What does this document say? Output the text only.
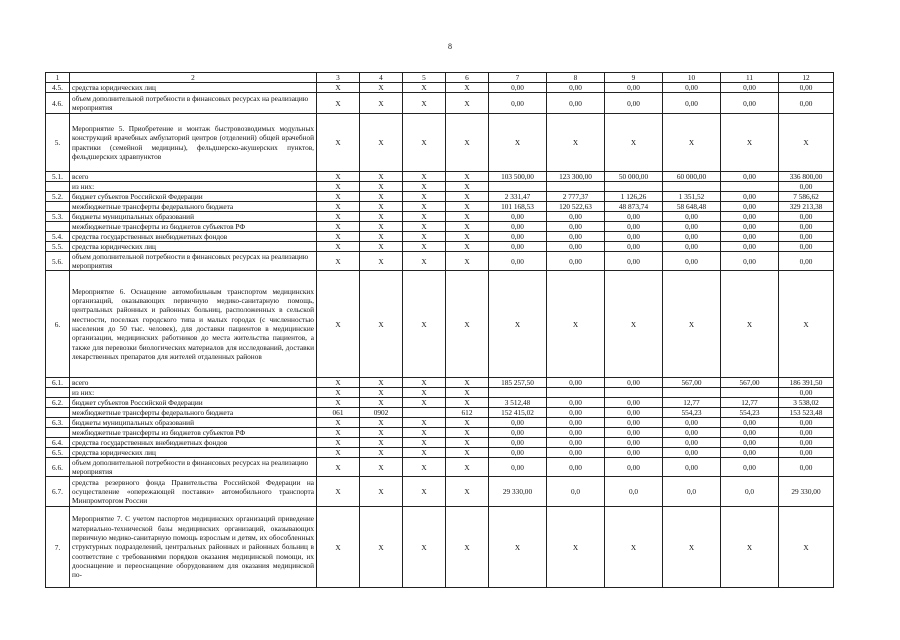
8
1	2	3	4	5	6	7	8	9	10	11	12
4.5.	средства юридических лиц	X	X	X	X	0,00	0,00	0,00	0,00	0,00	0,00
4.6.	объем дополнительной потребности в финансовых ресурсах на реализацию мероприятия	X	X	X	X	0,00	0,00	0,00	0,00	0,00	0,00
5.	Мероприятие 5. Приобретение и монтаж быстровозводимых модульных конструкций врачебных амбулаторий центров (отделений) общей врачебной практики (семейной медицины), фельдшерско-акушерских пунктов, фельдшерских здравпунктов	X	X	X	X	X	X	X	X	X	X
5.1.	всего	X	X	X	X	103 500,00	123 300,00	50 000,00	60 000,00	0,00	336 800,00
	из них:	X	X	X	X						0,00
5.2.	бюджет субъектов Российской Федерации	X	X	X	X	2 331,47	2 777,37	1 126,26	1 351,52	0,00	7 586,62
	межбюджетные трансферты федерального бюджета	X	X	X	X	101 168,53	120 522,63	48 873,74	58 648,48	0,00	329 213,38
5.3.	бюджеты муниципальных образований	X	X	X	X	0,00	0,00	0,00	0,00	0,00	0,00
	межбюджетные трансферты из бюджетов субъектов РФ	X	X	X	X	0,00	0,00	0,00	0,00	0,00	0,00
5.4.	средства государственных внебюджетных фондов	X	X	X	X	0,00	0,00	0,00	0,00	0,00	0,00
5.5.	средства юридических лиц	X	X	X	X	0,00	0,00	0,00	0,00	0,00	0,00
5.6.	объем дополнительной потребности в финансовых ресурсах на реализацию мероприятия	X	X	X	X	0,00	0,00	0,00	0,00	0,00	0,00
6.	Мероприятие 6. Оснащение автомобильным транспортом медицинских организаций, оказывающих первичную медико-санитарную помощь, центральных районных и районных больниц, расположенных в сельской местности, поселках городского типа и малых городах (с численностью населения до 50 тыс. человек), для доставки пациентов в медицинские организации, медицинских работников до места жительства пациентов, а также для перевозки биологических материалов для исследований, доставки лекарственных препаратов для жителей отдаленных районов	X	X	X	X	X	X	X	X	X	X
6.1.	всего	X	X	X	X	185 257,50	0,00	0,00	567,00	567,00	186 391,50
	из них:	X	X	X	X						0,00
6.2.	бюджет субъектов Российской Федерации	X	X	X	X	3 512,48	0,00	0,00	12,77	12,77	3 538,02
	межбюджетные трансферты федерального бюджета	061	0902		612	152 415,02	0,00	0,00	554,23	554,23	153 523,48
6.3.	бюджеты муниципальных образований	X	X	X	X	0,00	0,00	0,00	0,00	0,00	0,00
	межбюджетные трансферты из бюджетов субъектов РФ	X	X	X	X	0,00	0,00	0,00	0,00	0,00	0,00
6.4.	средства государственных внебюджетных фондов	X	X	X	X	0,00	0,00	0,00	0,00	0,00	0,00
6.5.	средства юридических лиц	X	X	X	X	0,00	0,00	0,00	0,00	0,00	0,00
6.6.	объем дополнительной потребности в финансовых ресурсах на реализацию мероприятия	X	X	X	X	0,00	0,00	0,00	0,00	0,00	0,00
6.7.	средства резервного фонда Правительства Российской Федерации на осуществление «опережающей поставки» автомобильного транспорта Минпромторгом России	X	X	X	X	29 330,00	0,0	0,0	0,0	0,0	29 330,00
7.	Мероприятие 7. С учетом паспортов медицинских организаций приведение материально-технической базы медицинских организаций, оказывающих первичную медико-санитарную помощь взрослым и детям, их обособленных структурных подразделений, центральных районных и районных больниц в соответствие с требованиями порядков оказания медицинской помощи, их дооснащение и переоснащение оборудованием для оказания медицинской по-	X	X	X	X	X	X	X	X	X	X
